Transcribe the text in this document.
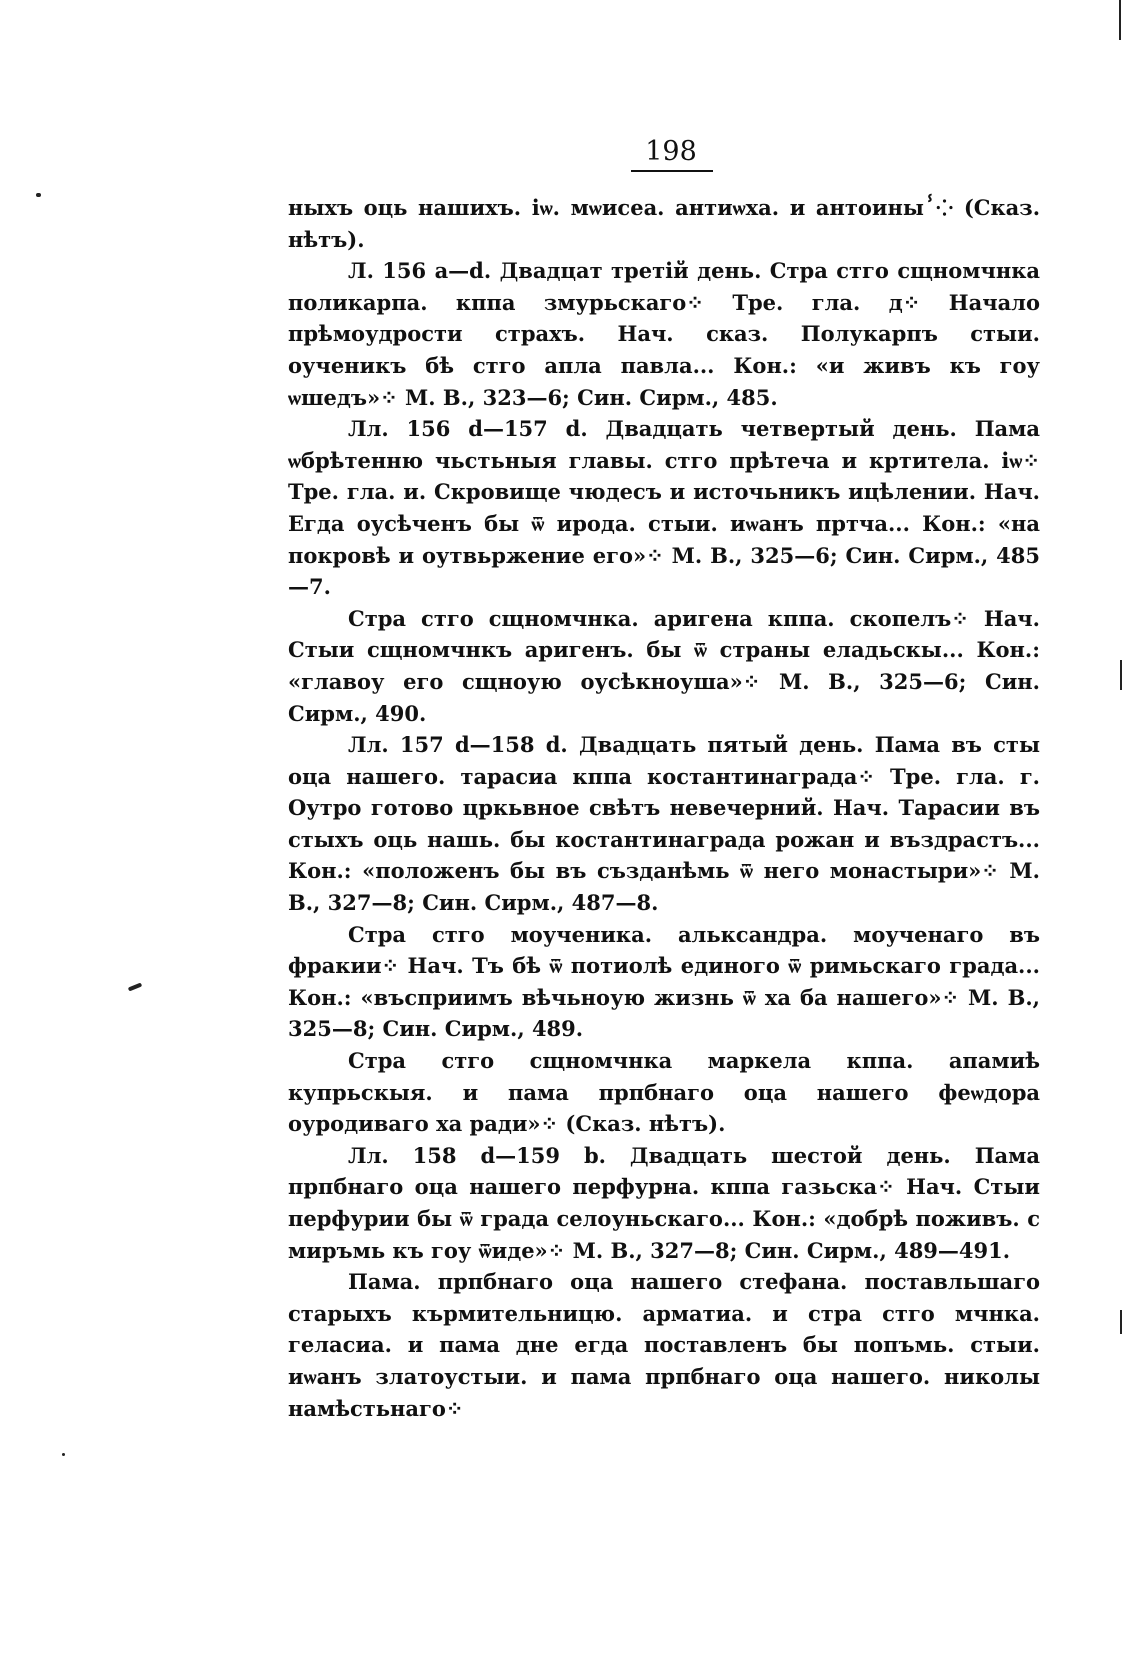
198

ныхъ оць нашихъ. іѡ. мѡисеа. антиѡха. и антоиныⸯ⁘ (Сказ. нѣтъ).

Л. 156 a—d. Двадцат третій день. Стра стго сщномчнка поликарпа. кппа змурьскаго⁘ Тре. гла. д⁘ Начало прѣмоудрости страхъ. Нач. сказ. Полукарпъ стыи. оученикъ бѣ стго апла павла... Кон.: «и живъ къ гоу ѡшедъ»⁘ М. В., 323—6; Син. Сирм., 485.

Лл. 156 d—157 d. Двадцать четвертый день. Пама ѡбрѣтенню чьстьныя главы. стго прѣтеча и кртитела. іѡ⁘ Тре. гла. и. Скровище чюдесъ и источьникъ ицѣлении. Нач. Егда оусѣченъ бы ѿ ирода. стыи. иѡанъ пртча... Кон.: «на покровѣ и оутвьржение его»⁘ М. В., 325—6; Син. Сирм., 485—7.

Стра стго сщномчнка. аригена кппа. скопелъ⁘ Нач. Стыи сщномчнкъ аригенъ. бы ѿ страны еладьскы... Кон.: «главоу его сщноую оусѣкноуша»⁘ М. В., 325—6; Син. Сирм., 490.

Лл. 157 d—158 d. Двадцать пятый день. Пама въ сты оца нашего. тарасиа кппа костантинаграда⁘ Тре. гла. г. Оутро готово цркьвное свѣтъ невечерний. Нач. Тарасии въ стыхъ оць нашь. бы костантинаграда рожан и въздрастъ... Кон.: «положенъ бы въ създанѣмь ѿ него монастыри»⁘ М. В., 327—8; Син. Сирм., 487—8.

Стра стго моученика. альксандра. моученаго въ фракии⁘ Нач. Тъ бѣ ѿ потиолѣ единого ѿ римьскаго града... Кон.: «въсприимъ вѣчьноую жизнь ѿ ха ба нашего»⁘ М. В., 325—8; Син. Сирм., 489.

Стра стго сщномчнка маркела кппа. апамиѣ купрьскыя. и пама прпбнаго оца нашего феѡдора оуродиваго ха ради»⁘ (Сказ. нѣтъ).

Лл. 158 d—159 b. Двадцать шестой день. Пама прпбнаго оца нашего перфурна. кппа газьска⁘ Нач. Стыи перфурии бы ѿ града селоуньскаго... Кон.: «добрѣ поживъ. с миръмь къ гоу ѿиде»⁘ М. В., 327—8; Син. Сирм., 489—491.

Пама. прпбнаго оца нашего стефана. поставльшаго старыхъ кърмительницю. арматиа. и стра стго мчнка. геласиа. и пама дне егда поставленъ бы попъмь. стыи. иѡанъ златоустыи. и пама прпбнаго оца нашего. николы намѣстьнаго⁘
